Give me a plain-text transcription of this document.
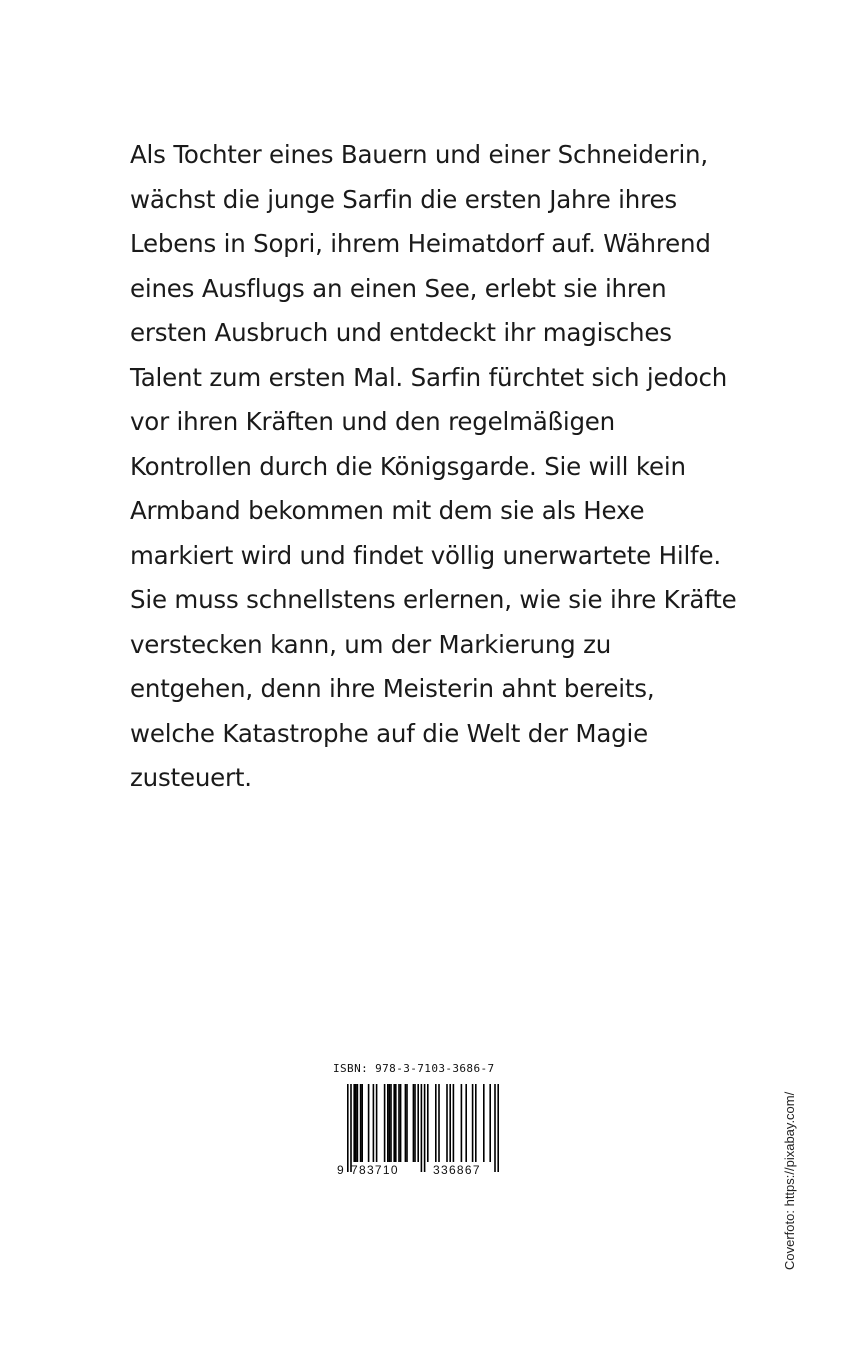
Als Tochter eines Bauern und einer Schneiderin,
wächst die junge Sarfin die ersten Jahre ihres
Lebens in Sopri, ihrem Heimatdorf auf. Während
eines Ausflugs an einen See, erlebt sie ihren
ersten Ausbruch und entdeckt ihr magisches
Talent zum ersten Mal. Sarfin fürchtet sich jedoch
vor ihren Kräften und den regelmäßigen
Kontrollen durch die Königsgarde. Sie will kein
Armband bekommen mit dem sie als Hexe
markiert wird und findet völlig unerwartete Hilfe.
Sie muss schnellstens erlernen, wie sie ihre Kräfte
verstecken kann, um der Markierung zu
entgehen, denn ihre Meisterin ahnt bereits,
welche Katastrophe auf die Welt der Magie
zusteuert.
ISBN: 978-3-7103-3686-7
9 783710	336867	Coverfoto: https://pixabay.com/
